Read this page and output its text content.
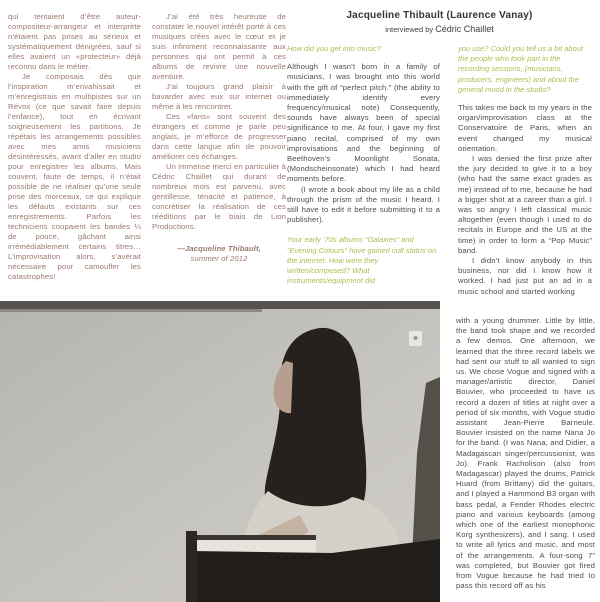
qui tentaient d’être auteur-compositeur-arrangeur et interprète n’étaient pas prises au sérieux et systématiquement dénigrées, sauf si elles avaient un «protecteur» déjà reconnu dans le métier.

Je composais dès que l’inspiration m’envahissait et m’enregistrais en multipistes sur un Révox (ce que savait faire depuis l’enfance), tout en écrivant soigneusement les partitions. Je répétais les arrangements possibles avec mes amis musiciens désintéressés, avant d’aller en studio pour enregistrer les albums. Mais souvent, faute de temps, il n’était possible de ne réaliser qu’une seule prise des morceaux, ce qui explique les défauts existants sur ces enregistrements. Parfois les techniciens coupaient les bandes ¼ de pouce, gâchant ainsi irrémédiablement certains titres… L’improvisation alors, s’avérait nécessaire pour camoufler les catastrophes!

J’ai été très heureuse de constater le nouvel intérêt porté à ces musiques crées avec le cœur et je suis infiniment reconnaissante aux personnes qui ont permit à ces albums de revivre une nouvelle aventure.

J’ai toujours grand plaisir à bavarder avec eux sur internet ou même à les rencontrer.

Ces «fans» sont souvent des étrangers et comme je parle peu anglais, je m’efforce de progresser dans cette langue afin de pouvoir améliorer ces échanges.

Un immense merci en particulier à Cédric Chaillet qui durant de nombreux mois est parvenu, avec gentillesse, ténacité et patience, à concrétiser la réalisation de ces rééditions par le biais de Lion Productions.

—Jacqueline Thibault,
summer of 2012
Jacqueline Thibault (Laurence Vanay)
interviewed by Cédric Chaillet

How did you get into music?

Although I wasn’t born in a family of musicians, I was brought into this world with the gift of “perfect pitch.” (the ability to immediately identify every frequency/musical note) Consequently, sounds have always been of special significance to me. At four, I gave my first piano recital, comprised of my own improvisations and the beginning of Beethoven’s Moonlight Sonata, (Mondscheinsonate) which I had heard moments before.

(I wrote a book about my life as a child through the prism of the music I heard. I still have to edit it before submitting it to a publisher).

Your early ’70s albums “Galaxies” and “Evening Colours” have gained cult status on the internet. How were they written/composed? What instruments/equipment did

you use? Could you tell us a bit about the people who took part in the recording sessions, (musicians, producers, engineers) and about the general mood in the studio?

This takes me back to my years in the organ/improvisation class at the Conservatoire de Paris, when an event changed my musical orientation.

I was denied the first prize after the jury decided to give it to a boy (who had the same exact grades as me) instead of to me, because he had a bigger shot at a career than a girl. I was so angry I left classical music altogether (even though I used to do recitals in Europe and the US at the time) in order to form a “Pop Music” band.

I didn’t know anybody in this business, nor did I know how it worked. I had just put an ad in a music school and started working

with a young drummer. Little by little, the band took shape and we recorded a few demos. One afternoon, we learned that the three record labels we had sent our stuff to all wanted to sign us. We chose Vogue and signed with a manager/artistic director, Daniel Bouvier, who proceeded to have us record a dozen of titles at night over a period of six months, with Vogue studio assistant Jean-Pierre Barneule. Bouvier insisted on the name Nana Jo for the band. (I was Nana, and Didier, a Madagascan singer/percussionist, was Jo). Frank Racholison (also from Madagascar) played the drums, Patrick Huard (from Brittany) did the guitars, and I played a Hammond B3 organ with bass pedal, a Fender Rhodes electric piano and various keyboards (among which one of the earliest monophonic Korg synthesizers), and I sang. I used to write all lyrics and music, and most of the arrangements. A four-song 7” was completed, but Bouvier got fired from Vogue because he had tried to pass this record off as his
